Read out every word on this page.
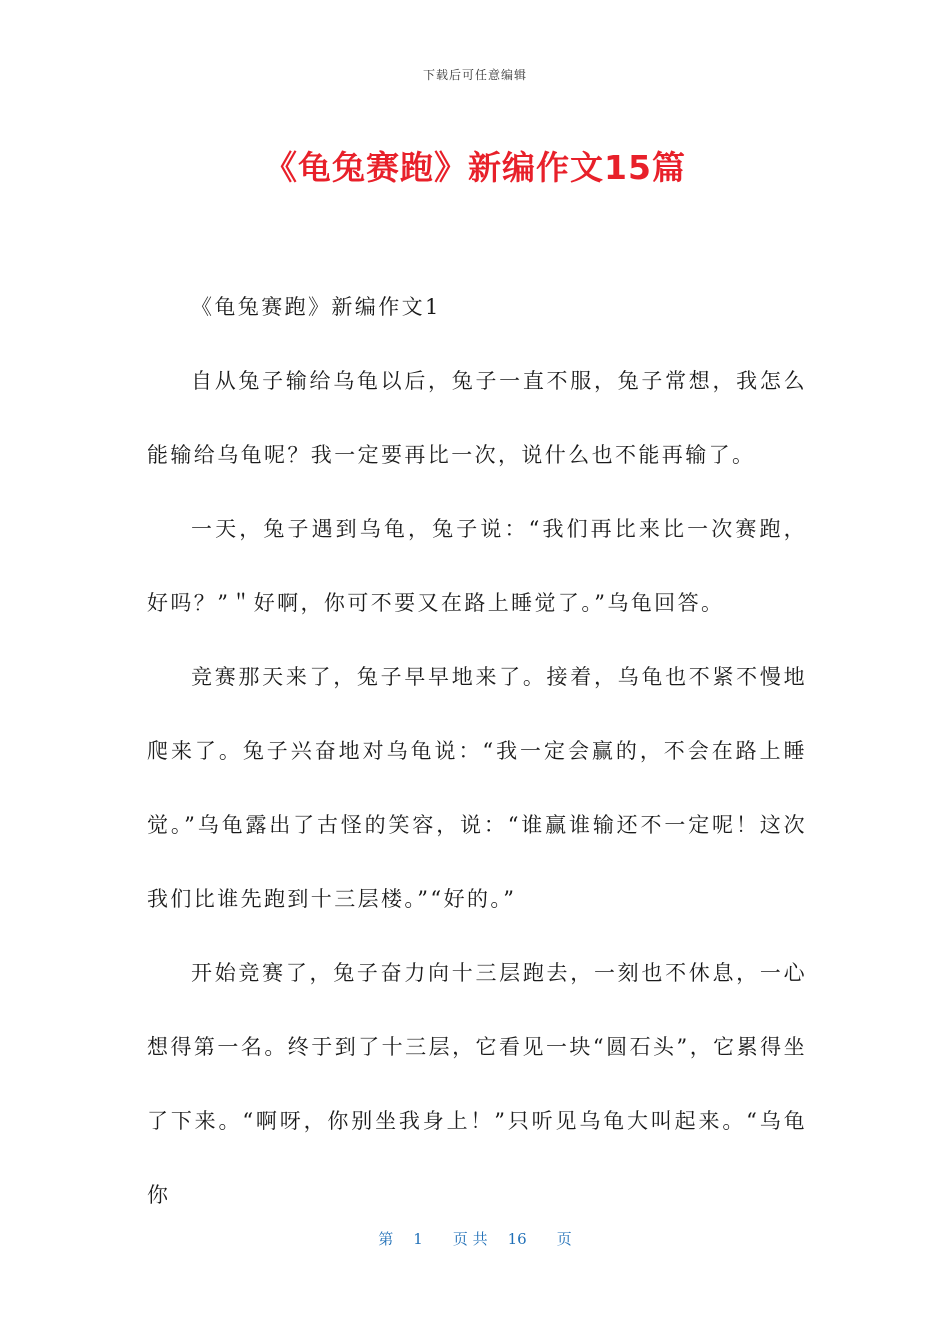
下载后可任意编辑
《龟兔赛跑》新编作文15篇

《龟兔赛跑》新编作文1

自从兔子输给乌龟以后，兔子一直不服，兔子常想，我怎么能输给乌龟呢？我一定要再比一次，说什么也不能再输了。

一天，兔子遇到乌龟，兔子说：“我们再比来比一次赛跑，好吗？”＂好啊，你可不要又在路上睡觉了。”乌龟回答。

竞赛那天来了，兔子早早地来了。接着，乌龟也不紧不慢地爬来了。兔子兴奋地对乌龟说：“我一定会赢的，不会在路上睡觉。”乌龟露出了古怪的笑容，说：“谁赢谁输还不一定呢！这次我们比谁先跑到十三层楼。”“好的。”

开始竞赛了，兔子奋力向十三层跑去，一刻也不休息，一心想得第一名。终于到了十三层，它看见一块“圆石头”，它累得坐了下来。“啊呀，你别坐我身上！”只听见乌龟大叫起来。“乌龟你

第 1 页 共 16 页
